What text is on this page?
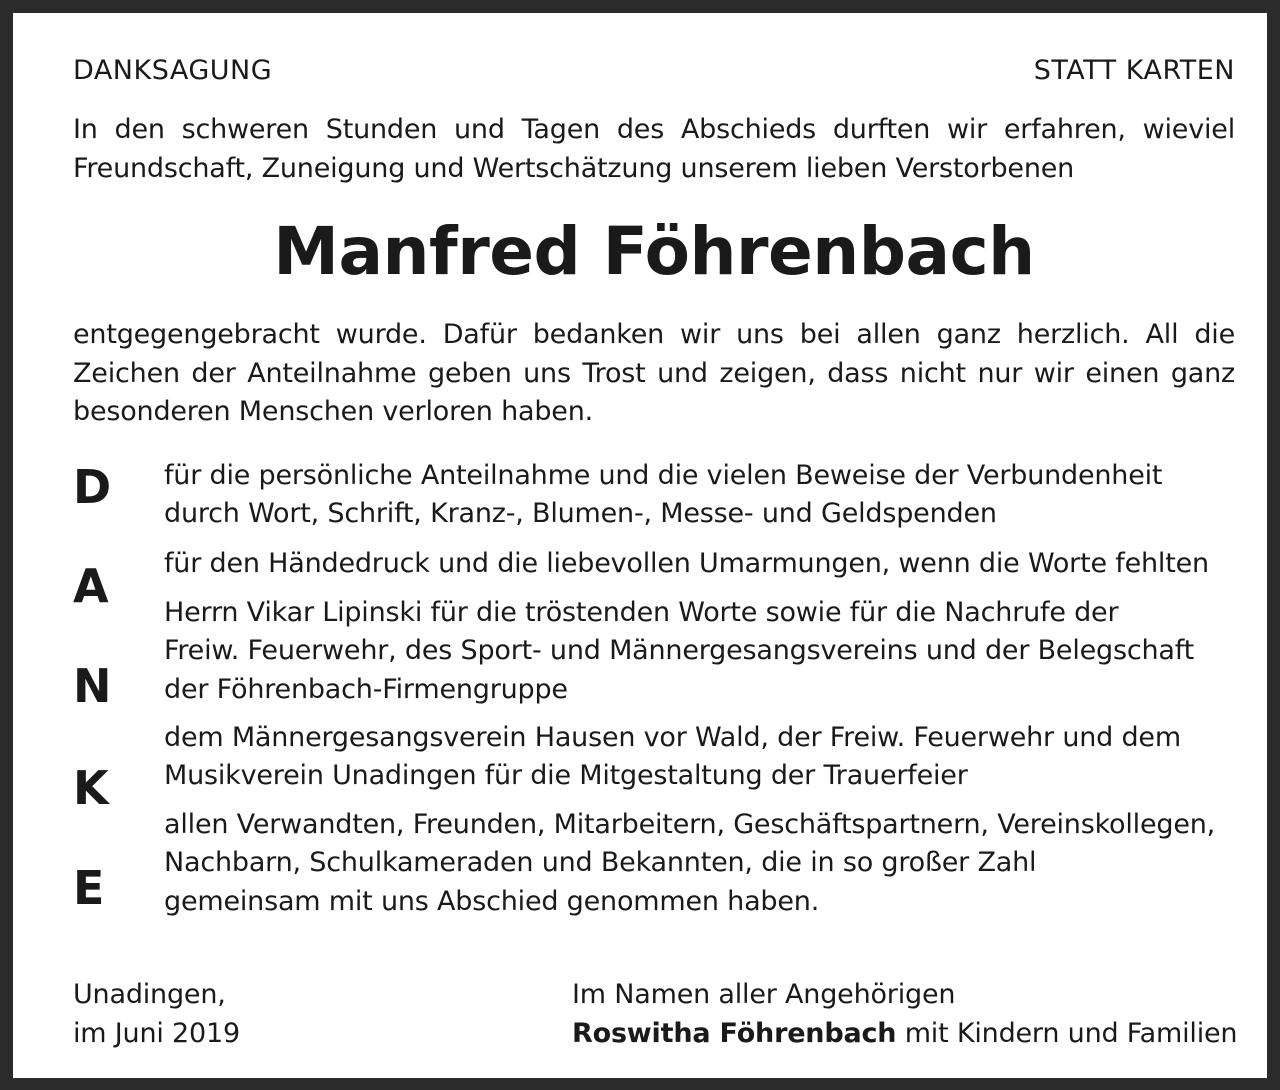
DANKSAGUNG	STATT KARTEN
In den schweren Stunden und Tagen des Abschieds durften wir erfahren, wieviel Freundschaft, Zuneigung und Wertschätzung unserem lieben Verstorbenen
Manfred Föhrenbach
entgegengebracht wurde. Dafür bedanken wir uns bei allen ganz herzlich. All die Zeichen der Anteilnahme geben uns Trost und zeigen, dass nicht nur wir einen ganz besonderen Menschen verloren haben.
D
A
N
K
E
für die persönliche Anteilnahme und die vielen Beweise der Verbundenheit
durch Wort, Schrift, Kranz-, Blumen-, Messe- und Geldspenden
für den Händedruck und die liebevollen Umarmungen, wenn die Worte fehlten
Herrn Vikar Lipinski für die tröstenden Worte sowie für die Nachrufe der
Freiw. Feuerwehr, des Sport- und Männergesangsvereins und der Belegschaft
der Föhrenbach-Firmengruppe
dem Männergesangsverein Hausen vor Wald, der Freiw. Feuerwehr und dem
Musikverein Unadingen für die Mitgestaltung der Trauerfeier
allen Verwandten, Freunden, Mitarbeitern, Geschäftspartnern, Vereinskollegen,
Nachbarn, Schulkameraden und Bekannten, die in so großer Zahl
gemeinsam mit uns Abschied genommen haben.
Unadingen,
im Juni 2019
Im Namen aller Angehörigen
Roswitha Föhrenbach mit Kindern und Familien
